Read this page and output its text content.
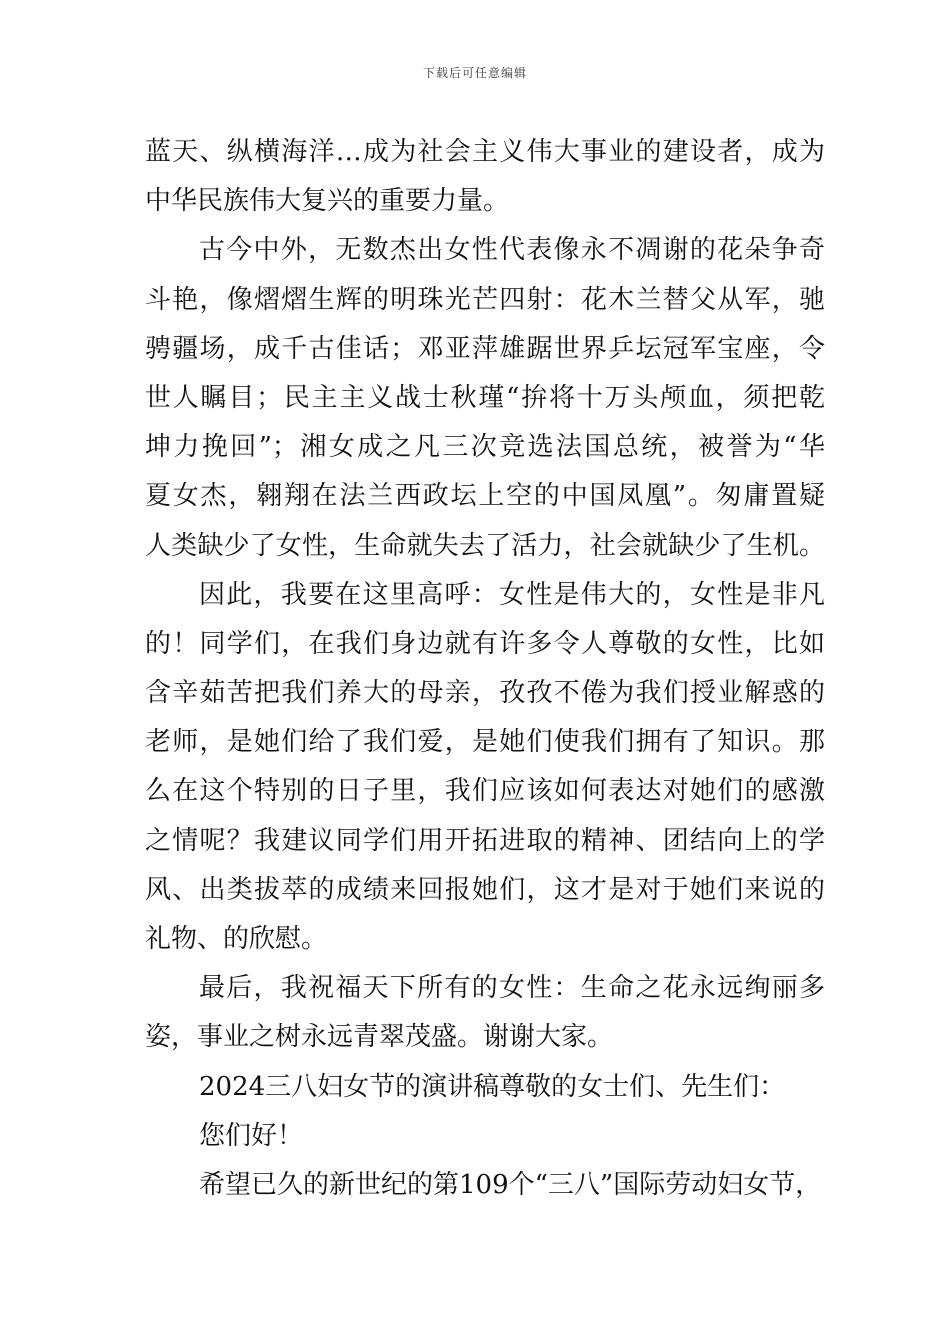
下载后可任意编辑
蓝天、纵横海洋…成为社会主义伟大事业的建设者，成为
中华民族伟大复兴的重要力量。
古今中外，无数杰出女性代表像永不凋谢的花朵争奇
斗艳，像熠熠生辉的明珠光芒四射：花木兰替父从军，驰
骋疆场，成千古佳话；邓亚萍雄踞世界乒坛冠军宝座，令
世人瞩目；民主主义战士秋瑾“拚将十万头颅血，须把乾
坤力挽回”；湘女成之凡三次竞选法国总统，被誉为“华
夏女杰，翱翔在法兰西政坛上空的中国凤凰”。匆庸置疑
人类缺少了女性，生命就失去了活力，社会就缺少了生机。
因此，我要在这里高呼：女性是伟大的，女性是非凡
的！同学们，在我们身边就有许多令人尊敬的女性，比如
含辛茹苦把我们养大的母亲，孜孜不倦为我们授业解惑的
老师，是她们给了我们爱，是她们使我们拥有了知识。那
么在这个特别的日子里，我们应该如何表达对她们的感激
之情呢？我建议同学们用开拓进取的精神、团结向上的学
风、出类拔萃的成绩来回报她们，这才是对于她们来说的
礼物、的欣慰。
最后，我祝福天下所有的女性：生命之花永远绚丽多
姿，事业之树永远青翠茂盛。谢谢大家。
2024三八妇女节的演讲稿尊敬的女士们、先生们：
您们好！
希望已久的新世纪的第109个“三八”国际劳动妇女节，
